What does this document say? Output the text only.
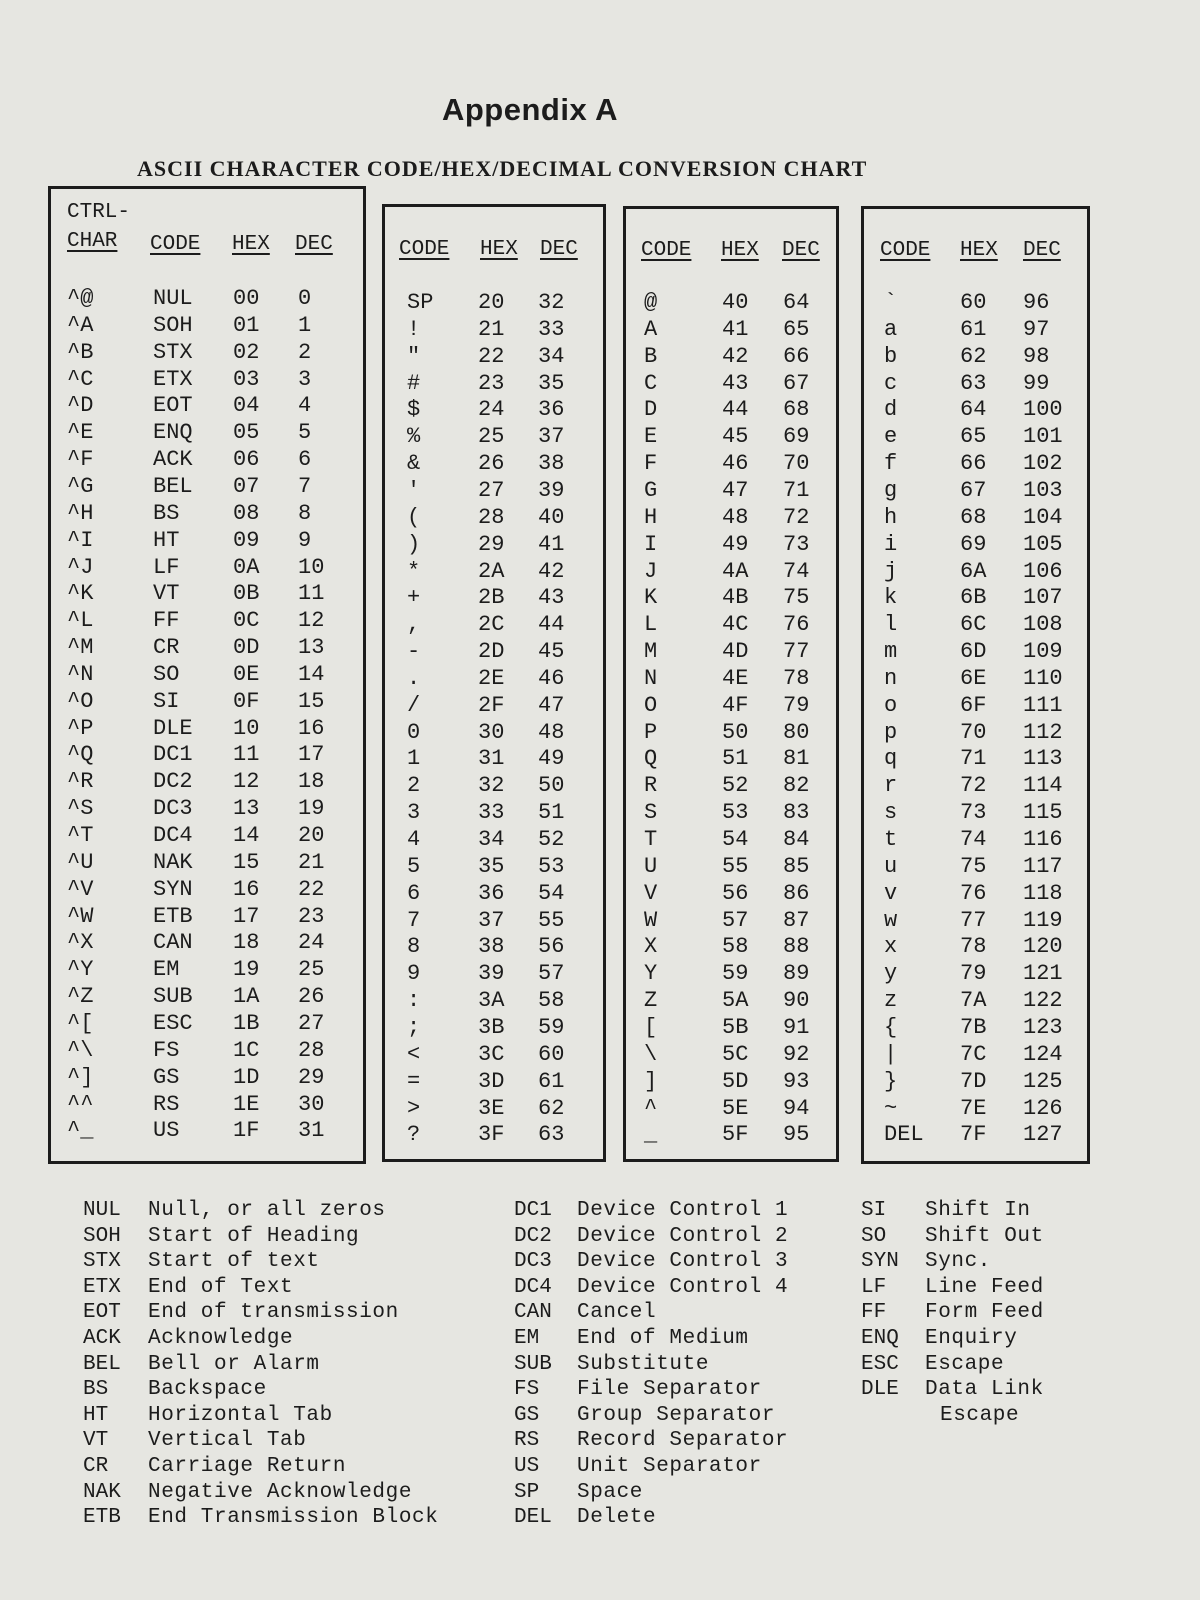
Appendix A
ASCII CHARACTER CODE/HEX/DECIMAL CONVERSION CHART
CTRL-
CHAR CODE HEX DEC
^@	NUL 00 0
^A	SOH 01 1
^B	STX 02 2
^C	ETX 03 3
^D	EOT 04 4
^E	ENQ 05 5
^F	ACK 06 6
^G	BEL 07 7
^H	BS 08 8
^I	HT 09 9
^J	LF 0A 10
^K	VT 0B 11
^L	FF 0C 12
^M	CR 0D 13
^N	SO 0E 14
^O	SI 0F 15
^P	DLE 10 16
^Q	DC1 11 17
^R	DC2 12 18
^S	DC3 13 19
^T	DC4 14 20
^U	NAK 15 21
^V	SYN 16 22
^W	ETB 17 23
^X	CAN 18 24
^Y	EM 19 25
^Z	SUB 1A 26
^[	ESC 1B 27
^\	FS 1C 28
^]	GS 1D 29
^^	RS 1E 30
^_	US 1F 31
CODE HEX DEC
SP 20 32
!	21 33
"	22 34
#	23 35
$	24 36
%	25 37
&	26 38
'	27 39
(	28 40
)	29 41
*	2A 42
+	2B 43
,	2C 44
-	2D 45
.	2E 46
/	2F 47
0	30 48
1	31 49
2	32 50
3	33 51
4	34 52
5	35 53
6	36 54
7	37 55
8	38 56
9	39 57
:	3A 58
;	3B 59
<	3C 60
=	3D 61
>	3E 62
?	3F 63
CODE HEX DEC
@	40 64
A	41 65
B	42 66
C	43 67
D	44 68
E	45 69
F	46 70
G	47 71
H	48 72
I	49 73
J	4A 74
K	4B 75
L	4C 76
M	4D 77
N	4E 78
O	4F 79
P	50 80
Q	51 81
R	52 82
S	53 83
T	54 84
U	55 85
V	56 86
W	57 87
X	58 88
Y	59 89
Z	5A 90
[	5B 91
\	5C 92
]	5D 93
^	5E 94
_	5F 95
CODE HEX DEC
`	60 96
a	61 97
b	62 98
c	63 99
d	64 100
e	65 101
f	66 102
g	67 103
h	68 104
i	69 105
j	6A 106
k	6B 107
l	6C 108
m	6D 109
n	6E 110
o	6F 111
p	70 112
q	71 113
r	72 114
s	73 115
t	74 116
u	75 117
v	76 118
w	77 119
x	78 120
y	79 121
z	7A 122
{	7B 123
|	7C 124
}	7D 125
~	7E 126
DEL 7F 127
NUL Null, or all zeros
SOH Start of Heading
STX Start of text
ETX End of Text
EOT End of transmission
ACK Acknowledge
BEL Bell or Alarm
BS Backspace
HT Horizontal Tab
VT Vertical Tab
CR Carriage Return
NAK Negative Acknowledge
ETB End Transmission Block
DC1 Device Control 1
DC2 Device Control 2
DC3 Device Control 3
DC4 Device Control 4
CAN Cancel
EM End of Medium
SUB Substitute
FS File Separator
GS Group Separator
RS Record Separator
US Unit Separator
SP Space
DEL Delete
SI Shift In
SO Shift Out
SYN Sync.
LF Line Feed
FF Form Feed
ENQ Enquiry
ESC Escape
DLE Data Link
Escape
